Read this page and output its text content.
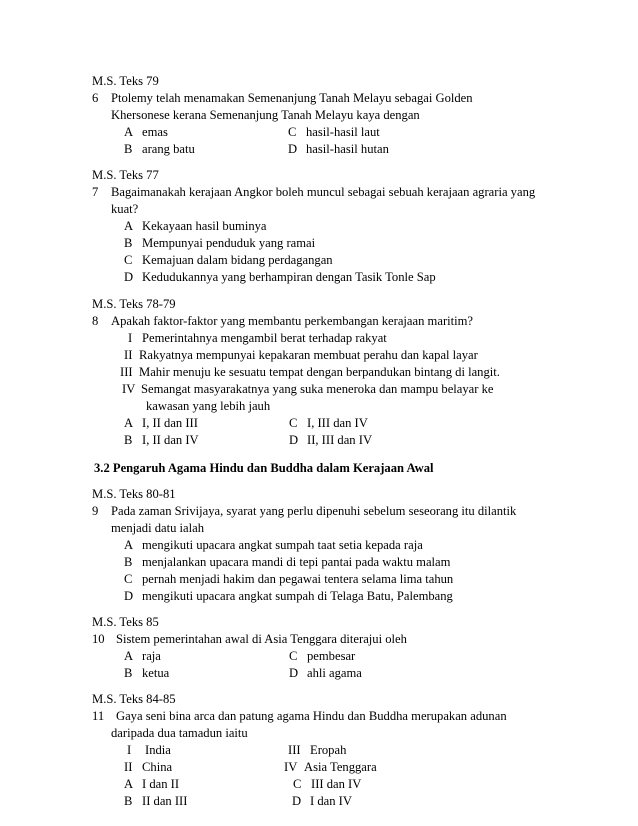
M.S. Teks 79
6 Ptolemy telah menamakan Semenanjung Tanah Melayu sebagai Golden
Khersonese kerana Semenanjung Tanah Melayu kaya dengan
A emas	C hasil-hasil laut
B arang batu	D hasil-hasil hutan
M.S. Teks 77
7 Bagaimanakah kerajaan Angkor boleh muncul sebagai sebuah kerajaan agraria yang
kuat?
A Kekayaan hasil buminya
B Mempunyai penduduk yang ramai
C Kemajuan dalam bidang perdagangan
D Kedudukannya yang berhampiran dengan Tasik Tonle Sap
M.S. Teks 78-79
8 Apakah faktor-faktor yang membantu perkembangan kerajaan maritim?
I Pemerintahnya mengambil berat terhadap rakyat
II Rakyatnya mempunyai kepakaran membuat perahu dan kapal layar
III Mahir menuju ke sesuatu tempat dengan berpandukan bintang di langit.
IV Semangat masyarakatnya yang suka meneroka dan mampu belayar ke
kawasan yang lebih jauh
A I, II dan III	C I, III dan IV
B I, II dan IV	D II, III dan IV
3.2 Pengaruh Agama Hindu dan Buddha dalam Kerajaan Awal
M.S. Teks 80-81
9 Pada zaman Srivijaya, syarat yang perlu dipenuhi sebelum seseorang itu dilantik
menjadi datu ialah
A mengikuti upacara angkat sumpah taat setia kepada raja
B menjalankan upacara mandi di tepi pantai pada waktu malam
C pernah menjadi hakim dan pegawai tentera selama lima tahun
D mengikuti upacara angkat sumpah di Telaga Batu, Palembang
M.S. Teks 85
10 Sistem pemerintahan awal di Asia Tenggara diterajui oleh
A raja	C pembesar
B ketua	D ahli agama
M.S. Teks 84-85
11 Gaya seni bina arca dan patung agama Hindu dan Buddha merupakan adunan
daripada dua tamadun iaitu
I India	III Eropah
II China	IV Asia Tenggara
A I dan II	C III dan IV
B II dan III	D I dan IV
